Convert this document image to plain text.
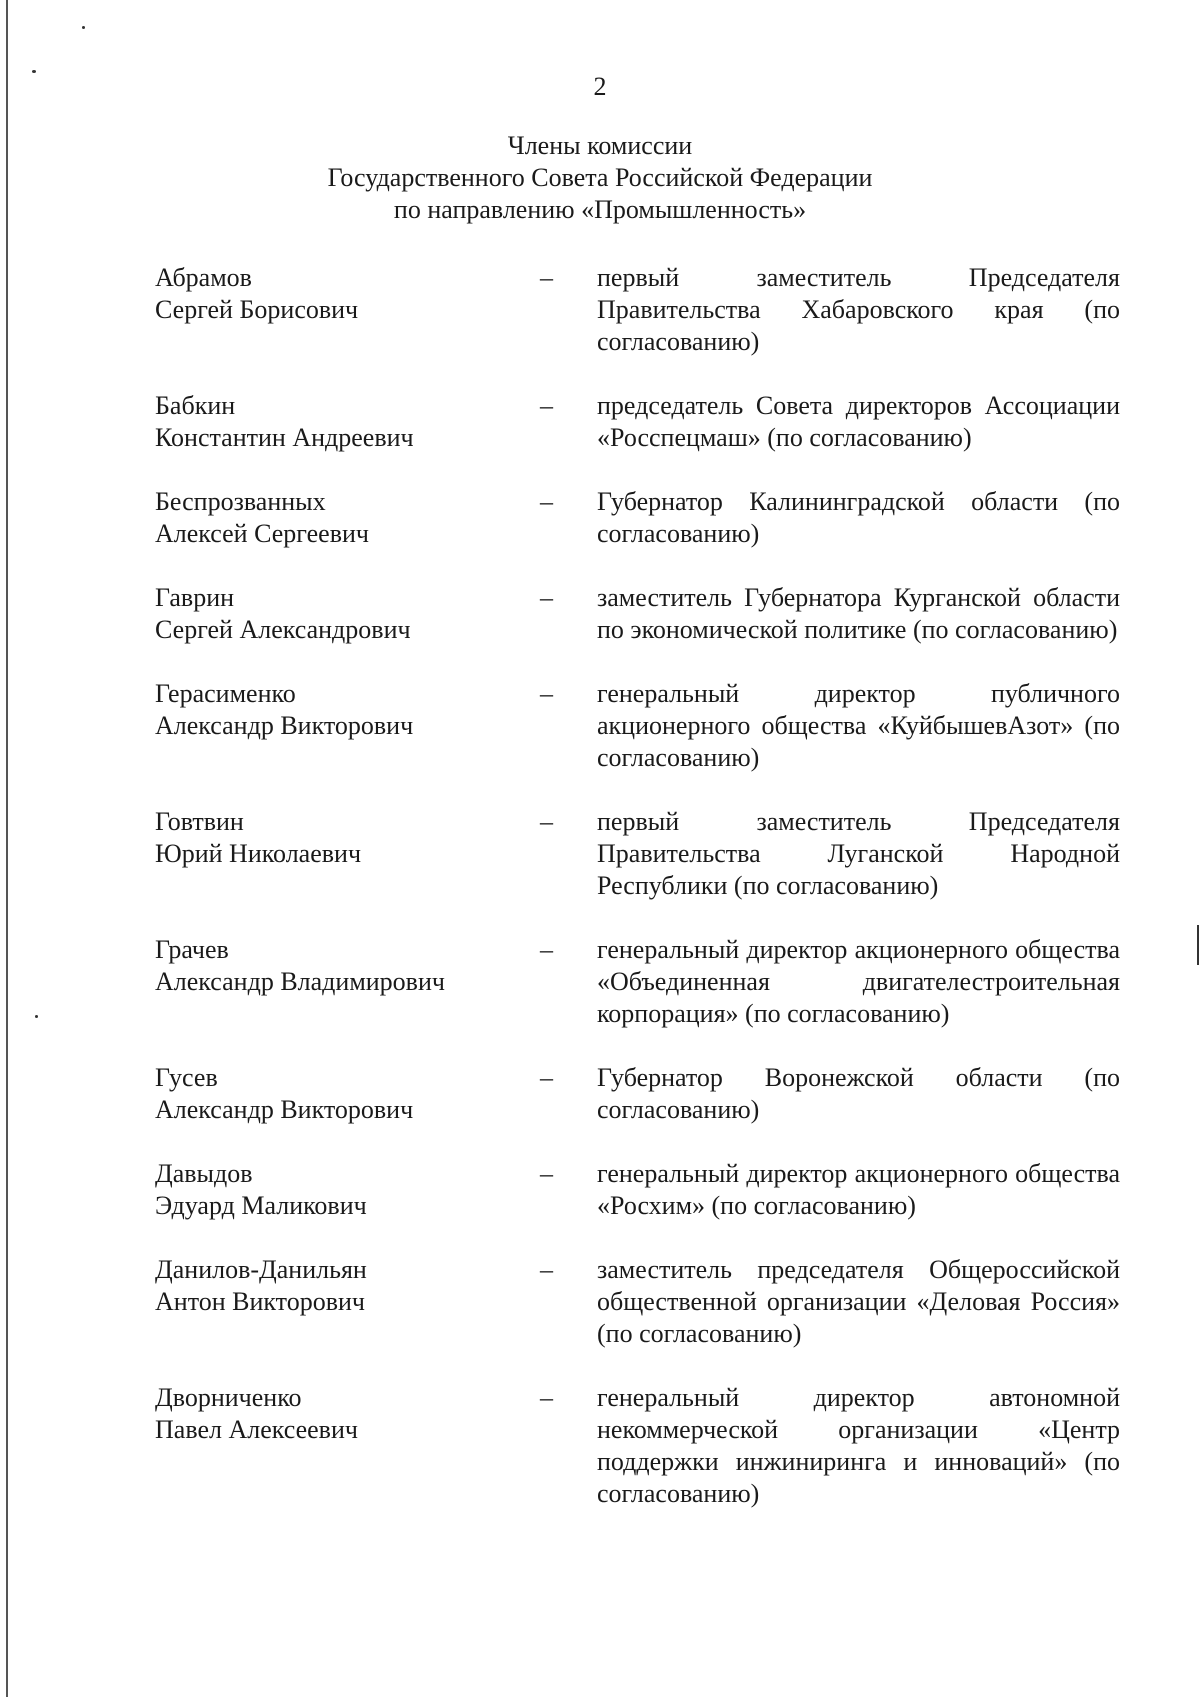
2
Члены комиссии
Государственного Совета Российской Федерации
по направлению «Промышленность»
Абрамов
Сергей Борисович
–	первый заместитель Председателя Правительства Хабаровского края (по согласованию)
Бабкин
Константин Андреевич
–	председатель Совета директоров Ассоциации «Росспецмаш» (по согласованию)
Беспрозванных
Алексей Сергеевич
–	Губернатор Калининградской области (по согласованию)
Гаврин
Сергей Александрович
–	заместитель Губернатора Курганской области по экономической политике (по согласованию)
Герасименко
Александр Викторович
–	генеральный директор публичного акционерного общества «КуйбышевАзот» (по согласованию)
Говтвин
Юрий Николаевич
–	первый заместитель Председателя Правительства Луганской Народной Республики (по согласованию)
Грачев
Александр Владимирович
–	генеральный директор акционерного общества «Объединенная двигателестроительная корпорация» (по согласованию)
Гусев
Александр Викторович
–	Губернатор Воронежской области (по согласованию)
Давыдов
Эдуард Маликович
–	генеральный директор акционерного общества «Росхим» (по согласованию)
Данилов-Данильян
Антон Викторович
–	заместитель председателя Общероссийской общественной организации «Деловая Россия» (по согласованию)
Дворниченко
Павел Алексеевич
–	генеральный директор автономной некоммерческой организации «Центр поддержки инжиниринга и инноваций» (по согласованию)
